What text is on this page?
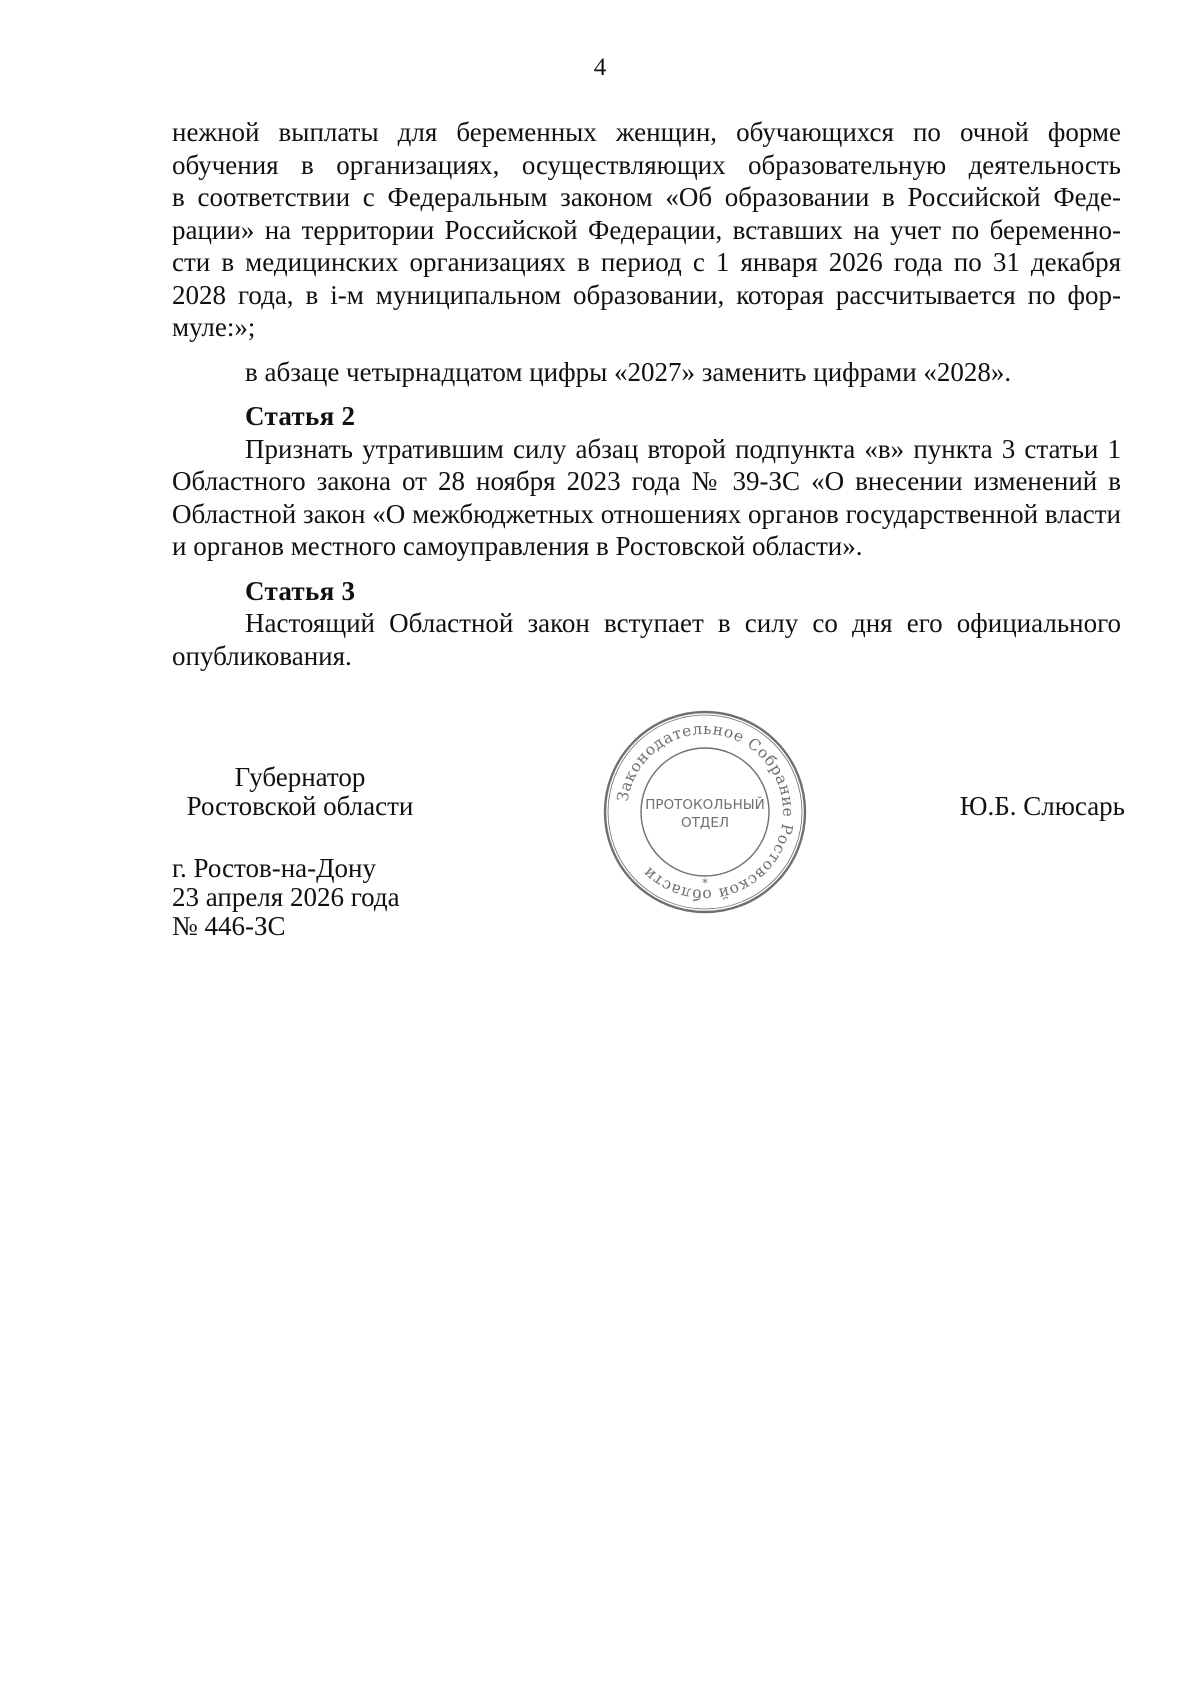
4
нежной выплаты для беременных женщин, обучающихся по очной форме
обучения в организациях, осуществляющих образовательную деятельность
в соответствии с Федеральным законом «Об образовании в Российской Феде-
рации» на территории Российской Федерации, вставших на учет по беременно-
сти в медицинских организациях в период с 1 января 2026 года по 31 декабря
2028 года, в i-м муниципальном образовании, которая рассчитывается по фор-
муле:»;

в абзаце четырнадцатом цифры «2027» заменить цифрами «2028».

Статья 2

Признать утратившим силу абзац второй подпункта «в» пункта 3 статьи 1 Областного закона от 28 ноября 2023 года № 39-ЗС «О внесении изменений в Областной закон «О межбюджетных отношениях органов государственной власти и органов местного самоуправления в Ростовской области».

Статья 3

Настоящий Областной закон вступает в силу со дня его официального опубликования.

Губернатор
Ростовской области	Ю.Б. Слюсарь
г. Ростов-на-Дону
23 апреля 2026 года
№ 446-ЗС
Законодательное Собрание Ростовской области	*
ПРОТОКОЛЬНЫЙ
ОТДЕЛ
